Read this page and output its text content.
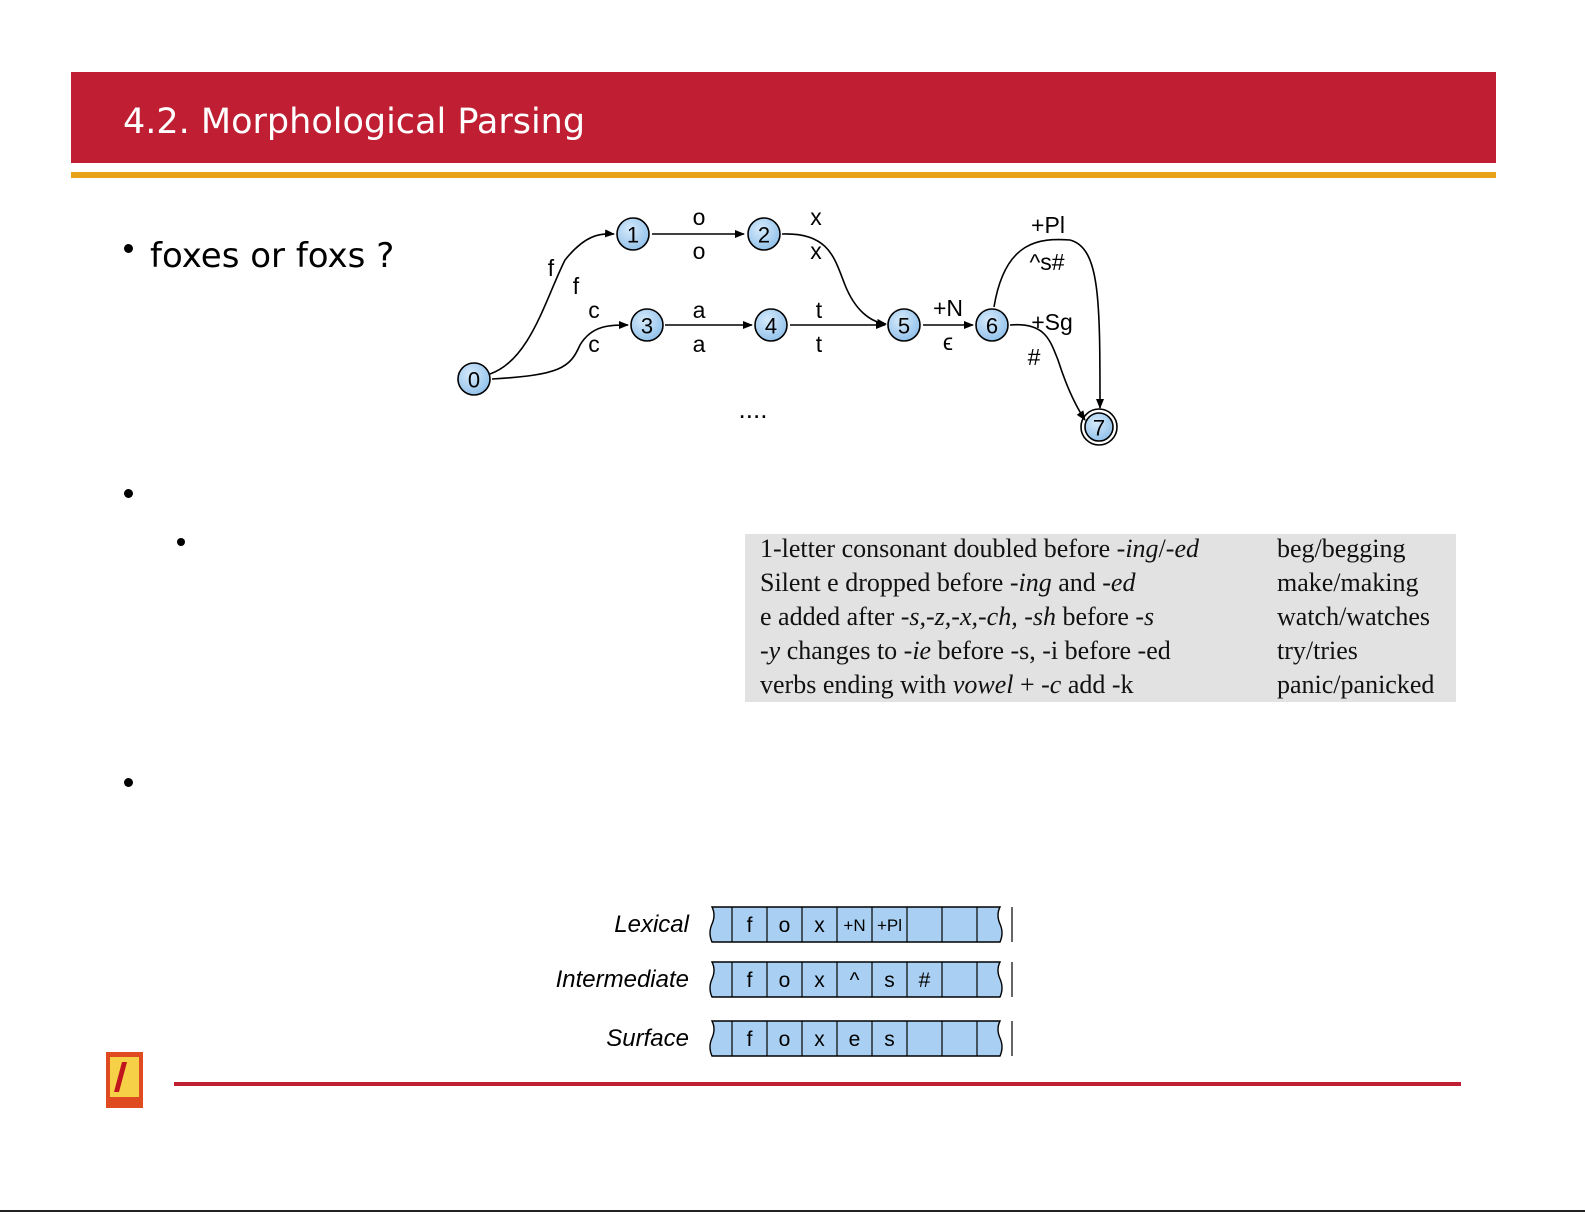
4.2. Morphological Parsing
foxes or foxs ?
0
1	2
3	4	5	6
7
f
f
o
o
x
x
c
c
a
a
t
t
+N
ϵ
+Pl
^s#
+Sg
#
....
1-letter consonant doubled before -ing/-ed	beg/begging
Silent e dropped before -ing and -ed	make/making
e added after -s,-z,-x,-ch, -sh before -s	watch/watches
-y changes to -ie before -s, -i before -ed	try/tries
verbs ending with vowel + -c add -k	panic/panicked
Lexical
Intermediate
Surface
f o x +N +Pl
f o x ^ s #
f o x e s
